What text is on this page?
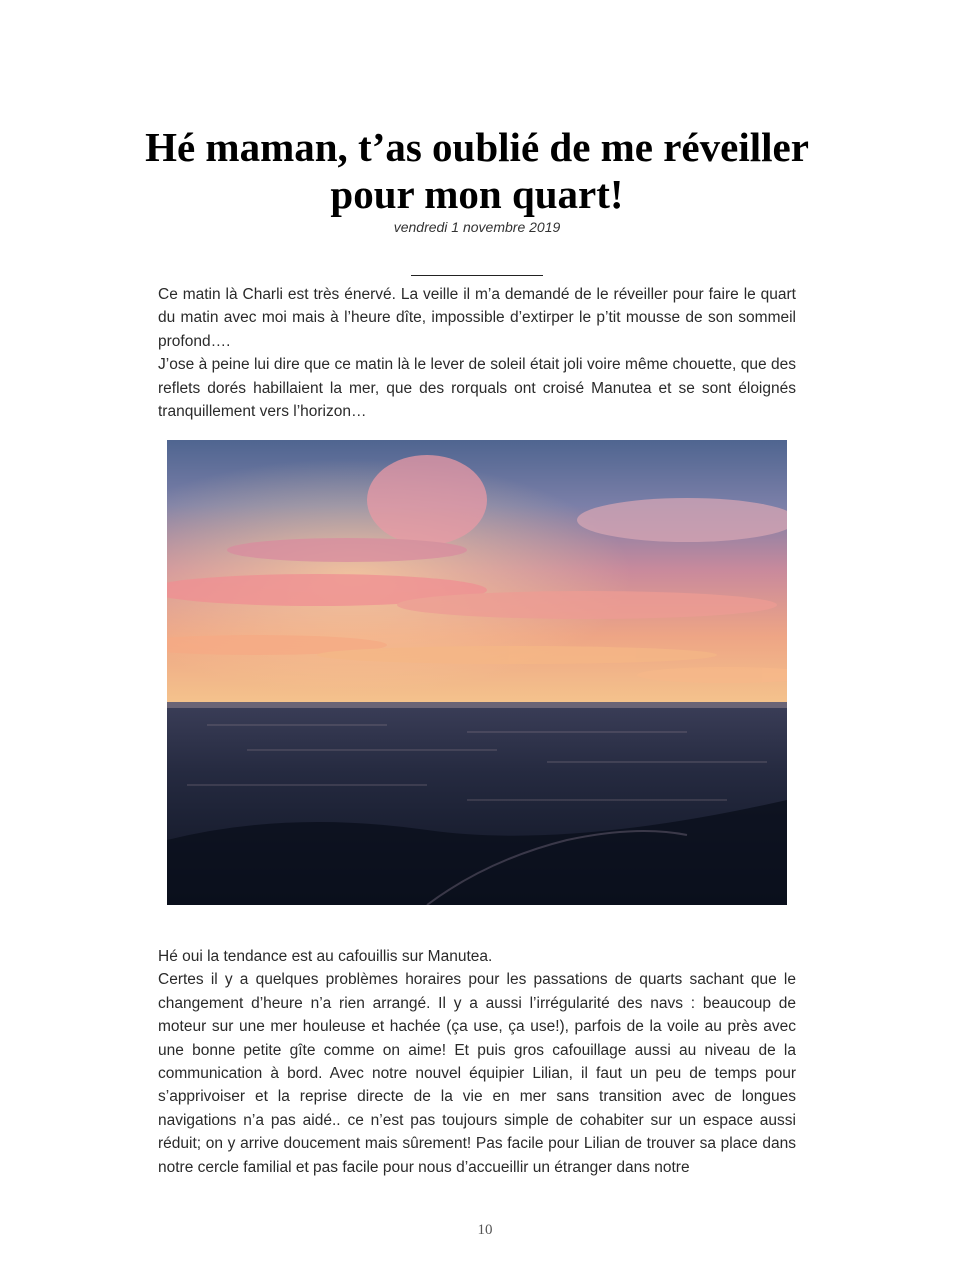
Hé maman, t’as oublié de me réveiller pour mon quart!
vendredi 1 novembre 2019
Ce matin là Charli est très énervé. La veille il m’a demandé de le réveiller pour faire le quart du matin avec moi mais à l’heure dîte, impossible d’extirper le p’tit mousse de son sommeil profond….
J’ose à peine lui dire que ce matin là le lever de soleil était joli voire même chouette, que des reflets dorés habillaient la mer, que des rorquals ont croisé Manutea et se sont éloignés tranquillement vers l’horizon…
Hé oui la tendance est au cafouillis sur Manutea.
Certes il y a quelques problèmes horaires pour les passations de quarts sachant que le changement d’heure n’a rien arrangé. Il y a aussi l’irrégularité des navs : beaucoup de moteur sur une mer houleuse et hachée (ça use, ça use!), parfois de la voile au près avec une bonne petite gîte comme on aime! Et puis gros cafouillage aussi au niveau de la communication à bord. Avec notre nouvel équipier Lilian, il faut un peu de temps pour s’apprivoiser et la reprise directe de la vie en mer sans transition avec de longues navigations n’a pas aidé.. ce n’est pas toujours simple de cohabiter sur un espace aussi réduit; on y arrive doucement mais sûrement! Pas facile pour Lilian de trouver sa place dans notre cercle familial et pas facile pour nous d’accueillir un étranger dans notre
10
